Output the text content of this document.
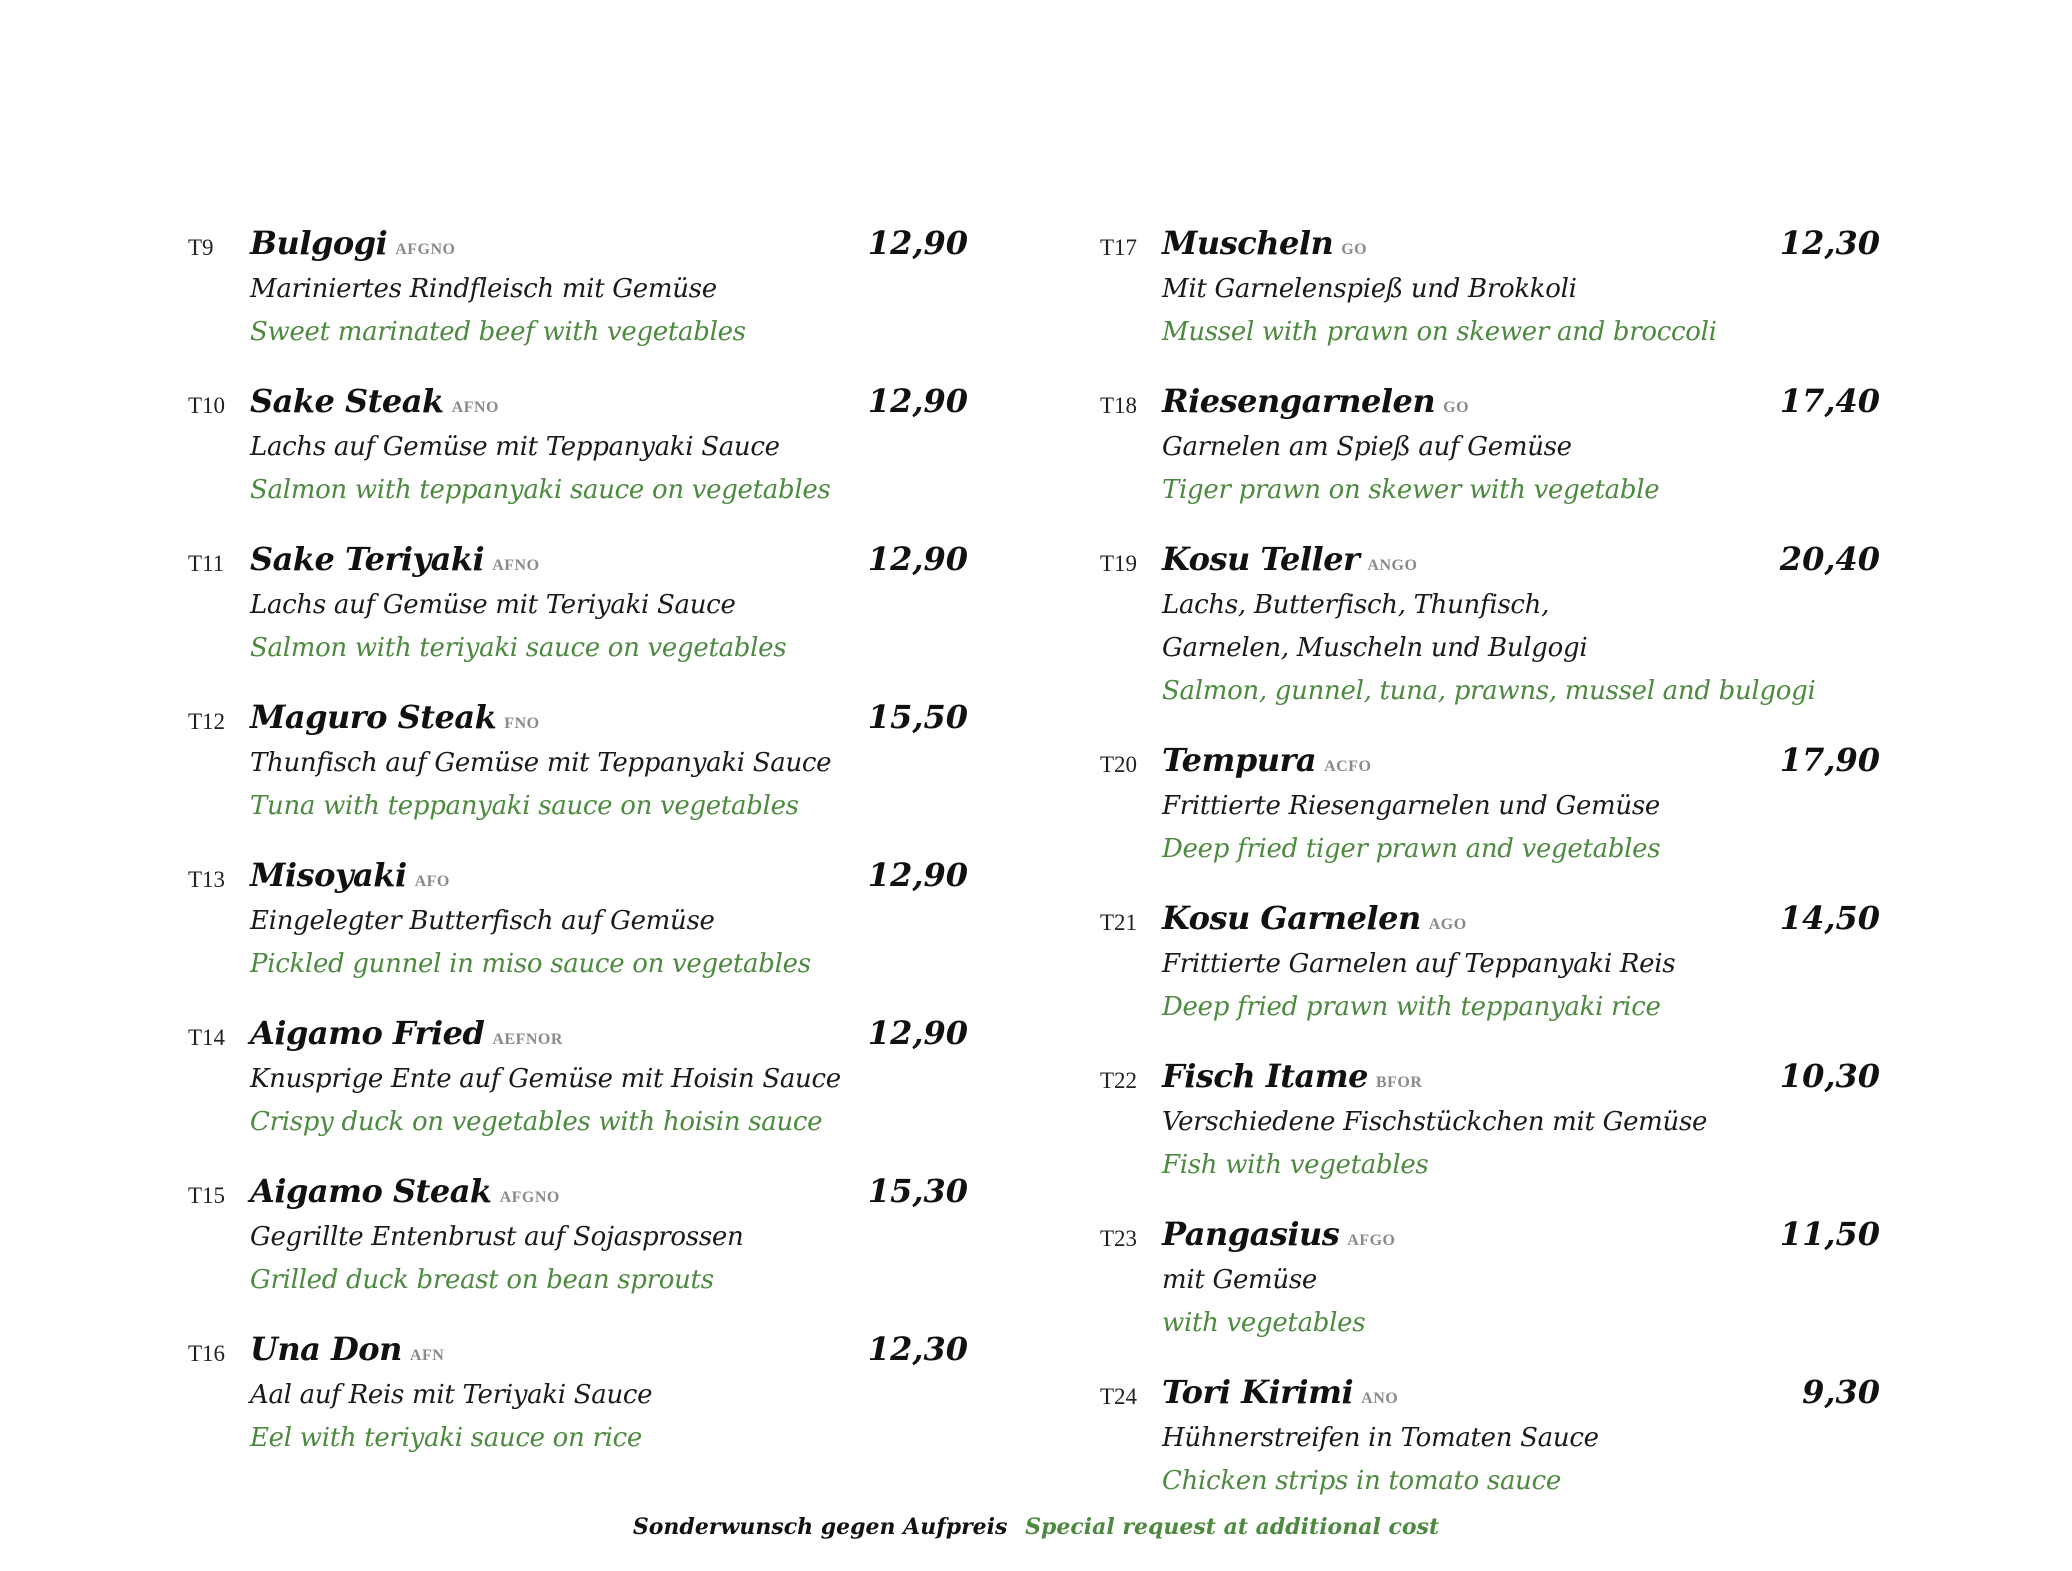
T9 Bulgogi AFGNO	12,90
Mariniertes Rindfleisch mit Gemüse
Sweet marinated beef with vegetables
T10 Sake Steak AFNO	12,90
Lachs auf Gemüse mit Teppanyaki Sauce
Salmon with teppanyaki sauce on vegetables
T11 Sake Teriyaki AFNO	12,90
Lachs auf Gemüse mit Teriyaki Sauce
Salmon with teriyaki sauce on vegetables
T12 Maguro Steak FNO	15,50
Thunfisch auf Gemüse mit Teppanyaki Sauce
Tuna with teppanyaki sauce on vegetables
T13 Misoyaki AFO	12,90
Eingelegter Butterfisch auf Gemüse
Pickled gunnel in miso sauce on vegetables
T14 Aigamo Fried AEFNOR	12,90
Knusprige Ente auf Gemüse mit Hoisin Sauce
Crispy duck on vegetables with hoisin sauce
T15 Aigamo Steak AFGNO	15,30
Gegrillte Entenbrust auf Sojasprossen
Grilled duck breast on bean sprouts
T16 Una Don AFN	12,30
Aal auf Reis mit Teriyaki Sauce
Eel with teriyaki sauce on rice
T17 Muscheln GO	12,30
Mit Garnelenspieß und Brokkoli
Mussel with prawn on skewer and broccoli
T18 Riesengarnelen GO	17,40
Garnelen am Spieß auf Gemüse
Tiger prawn on skewer with vegetable
T19 Kosu Teller ANGO	20,40
Lachs, Butterfisch, Thunfisch,
Garnelen, Muscheln und Bulgogi
Salmon, gunnel, tuna, prawns, mussel and bulgogi
T20 Tempura ACFO	17,90
Frittierte Riesengarnelen und Gemüse
Deep fried tiger prawn and vegetables
T21 Kosu Garnelen AGO	14,50
Frittierte Garnelen auf Teppanyaki Reis
Deep fried prawn with teppanyaki rice
T22 Fisch Itame BFOR	10,30
Verschiedene Fischstückchen mit Gemüse
Fish with vegetables
T23 Pangasius AFGO	11,50
mit Gemüse
with vegetables
T24 Tori Kirimi ANO	9,30
Hühnerstreifen in Tomaten Sauce
Chicken strips in tomato sauce
Sonderwunsch gegen Aufpreis Special request at additional cost
